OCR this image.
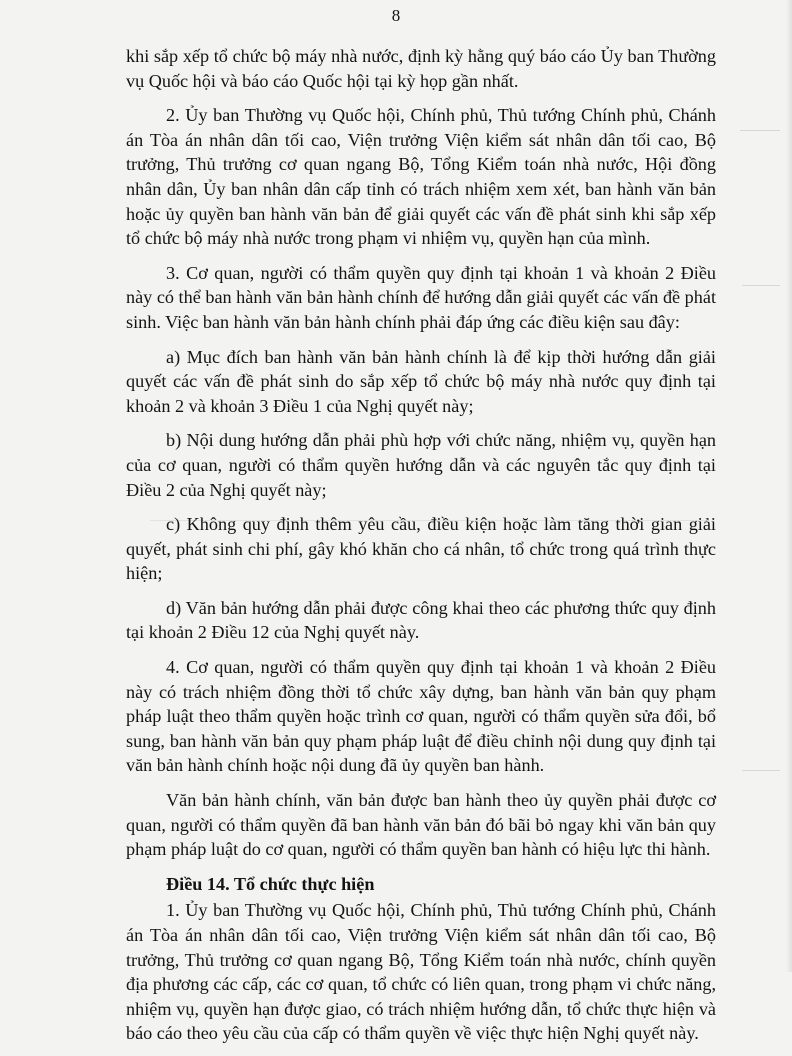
8

khi sắp xếp tổ chức bộ máy nhà nước, định kỳ hằng quý báo cáo Ủy ban Thường vụ Quốc hội và báo cáo Quốc hội tại kỳ họp gần nhất.

2. Ủy ban Thường vụ Quốc hội, Chính phủ, Thủ tướng Chính phủ, Chánh án Tòa án nhân dân tối cao, Viện trưởng Viện kiểm sát nhân dân tối cao, Bộ trưởng, Thủ trưởng cơ quan ngang Bộ, Tổng Kiểm toán nhà nước, Hội đồng nhân dân, Ủy ban nhân dân cấp tỉnh có trách nhiệm xem xét, ban hành văn bản hoặc ủy quyền ban hành văn bản để giải quyết các vấn đề phát sinh khi sắp xếp tổ chức bộ máy nhà nước trong phạm vi nhiệm vụ, quyền hạn của mình.

3. Cơ quan, người có thẩm quyền quy định tại khoản 1 và khoản 2 Điều này có thể ban hành văn bản hành chính để hướng dẫn giải quyết các vấn đề phát sinh. Việc ban hành văn bản hành chính phải đáp ứng các điều kiện sau đây:

a) Mục đích ban hành văn bản hành chính là để kịp thời hướng dẫn giải quyết các vấn đề phát sinh do sắp xếp tổ chức bộ máy nhà nước quy định tại khoản 2 và khoản 3 Điều 1 của Nghị quyết này;

b) Nội dung hướng dẫn phải phù hợp với chức năng, nhiệm vụ, quyền hạn của cơ quan, người có thẩm quyền hướng dẫn và các nguyên tắc quy định tại Điều 2 của Nghị quyết này;

c) Không quy định thêm yêu cầu, điều kiện hoặc làm tăng thời gian giải quyết, phát sinh chi phí, gây khó khăn cho cá nhân, tổ chức trong quá trình thực hiện;

d) Văn bản hướng dẫn phải được công khai theo các phương thức quy định tại khoản 2 Điều 12 của Nghị quyết này.

4. Cơ quan, người có thẩm quyền quy định tại khoản 1 và khoản 2 Điều này có trách nhiệm đồng thời tổ chức xây dựng, ban hành văn bản quy phạm pháp luật theo thẩm quyền hoặc trình cơ quan, người có thẩm quyền sửa đổi, bổ sung, ban hành văn bản quy phạm pháp luật để điều chỉnh nội dung quy định tại văn bản hành chính hoặc nội dung đã ủy quyền ban hành.

Văn bản hành chính, văn bản được ban hành theo ủy quyền phải được cơ quan, người có thẩm quyền đã ban hành văn bản đó bãi bỏ ngay khi văn bản quy phạm pháp luật do cơ quan, người có thẩm quyền ban hành có hiệu lực thi hành.

Điều 14. Tổ chức thực hiện

1. Ủy ban Thường vụ Quốc hội, Chính phủ, Thủ tướng Chính phủ, Chánh án Tòa án nhân dân tối cao, Viện trưởng Viện kiểm sát nhân dân tối cao, Bộ trưởng, Thủ trưởng cơ quan ngang Bộ, Tổng Kiểm toán nhà nước, chính quyền địa phương các cấp, các cơ quan, tổ chức có liên quan, trong phạm vi chức năng, nhiệm vụ, quyền hạn được giao, có trách nhiệm hướng dẫn, tổ chức thực hiện và báo cáo theo yêu cầu của cấp có thẩm quyền về việc thực hiện Nghị quyết này.
